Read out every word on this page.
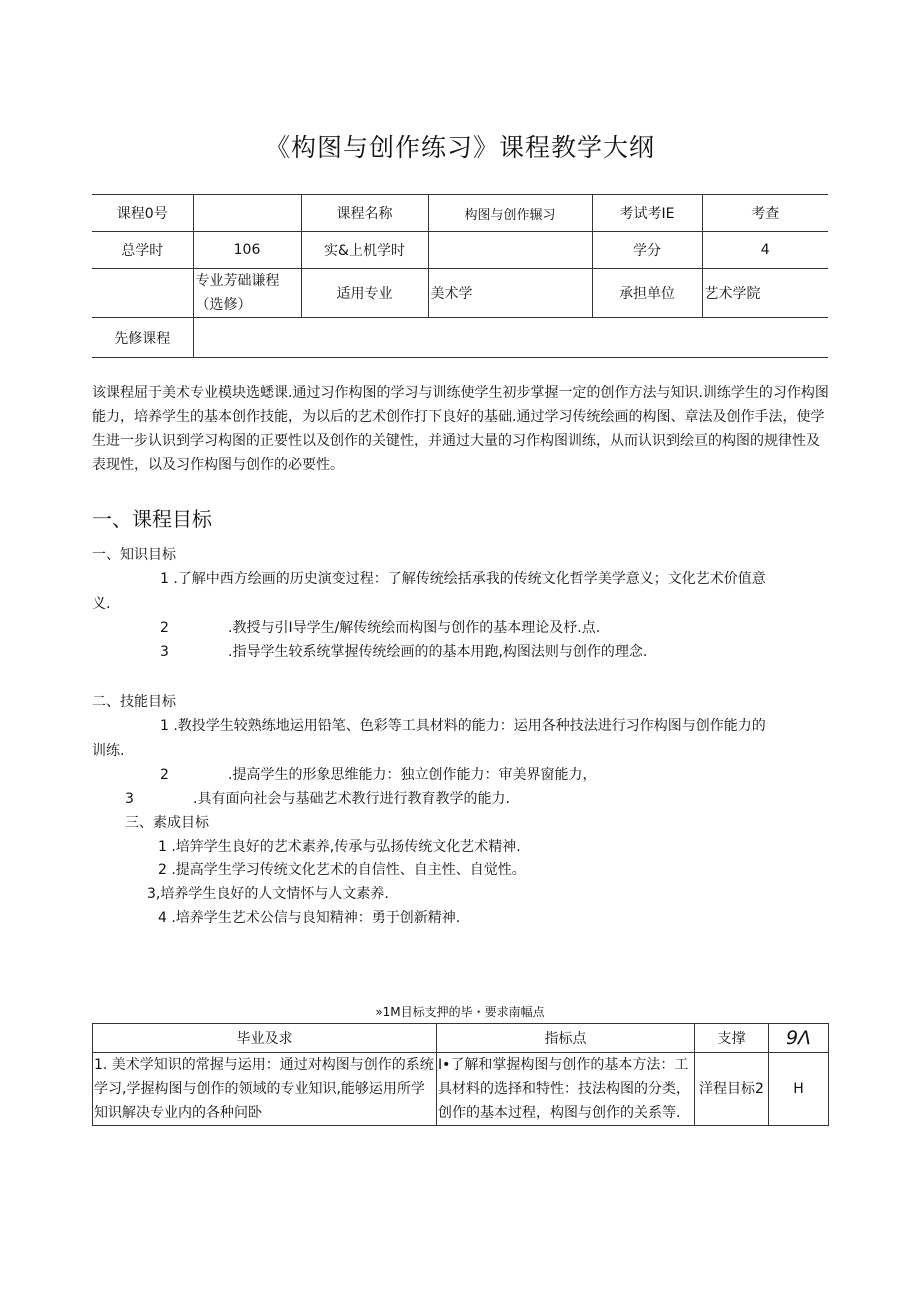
《构图与创作练习》课程教学大纲
课程0号		课程名称	构图与创作辗习	考试考IE	考查
总学时	106	实&上机学时		学分	4
	专业芳础谦程（选修）	适用专业	美术学	承担单位	艺术学院
先修课程					

该课程屈于美术专业模块选蟋课.通过习作构图的学习与训练使学生初步掌握一定的创作方法与知识.训练学生的习作构图能力，培养学生的基本创作技能，为以后的艺术创作打下良好的基础.通过学习传统绘画的构图、章法及创作手法，使学生进一步认识到学习构图的正要性以及创作的关键性，并通过大量的习作构图训练，从而认识到绘亘的构图的规律性及表现性，以及习作构图与创作的必要性。

一、课程目标
一、知识目标
1 .了解中西方绘画的历史演变过程：了解传统绘括承我的传统文化哲学美学意义；文化艺术价值意
义.
2	.教授与引I导学生/解传统绘而构图与创作的基本理论及杼.点.
3	.指导学生较系统掌握传统绘画的的基本用跑,构图法则与创作的理念.
二、技能目标
1 .教投学生较熟练地运用铅笔、色彩等工具材料的能力：运用各种技法进行习作构图与创作能力的
训练.
2	.提高学生的形象思维能力：独立创作能力：审美界窗能力，
3	.具有面向社会与基础艺术教行进行教育教学的能力.
三、素成目标
1 .培笄学生良好的艺术素养,传承与弘扬传统文化艺术精神.
2 .提高学生学习传统文化艺术的自信性、自主性、自觉性。
3,培养学生良好的人文情怀与人文素养.
4 .培养学生艺术公信与良知精神：勇于创新精神.
»1M目标支押的毕・要求南幅点
毕业及求	指标点	支撑	9Λ
1. 美术学知识的常握与运用：通过对构图与创作的系统学习,学握构图与创作的领域的专业知识,能够运用所学知识解决专业内的各种问卧	I•了解和掌握构图与创作的基本方法：工具材料的选择和特性：技法构图的分类，创作的基本过程，构图与创作的关系等.	洋程目标2	H
